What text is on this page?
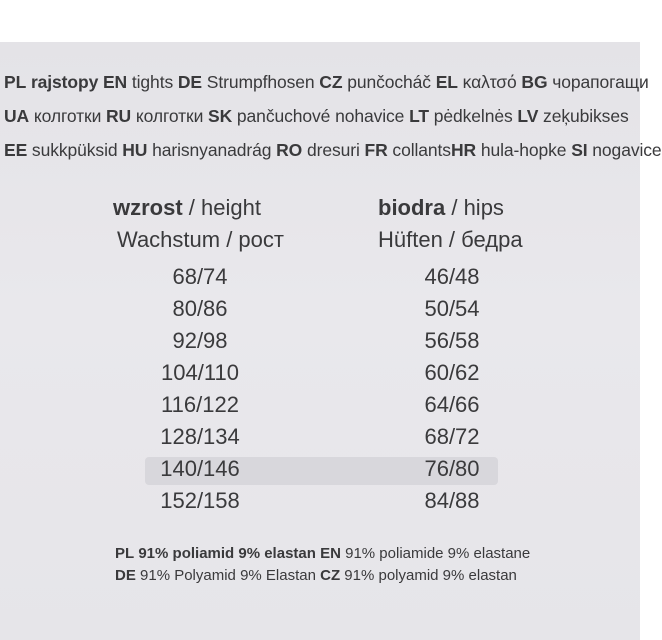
PL rajstopy EN tights DE Strumpfhosen CZ punčocháč EL καλτσό BG чорапогащи
UA колготки RU колготки SK pančuchové nohavice LT pėdkelnės LV zeķubikses
EE sukkpüksid HU harisnyanadrág RO dresuri FR collantsHR hula-hopke SI nogavice
wzrost / height
Wachstum / рост
biodra / hips
Hüften / бедра
68/74	46/48
80/86	50/54
92/98	56/58
104/110	60/62
116/122	64/66
128/134	68/72
140/146	76/80
152/158	84/88
PL 91% poliamid 9% elastan EN 91% poliamide 9% elastane
DE 91% Polyamid 9% Elastan CZ 91% polyamid 9% elastan
